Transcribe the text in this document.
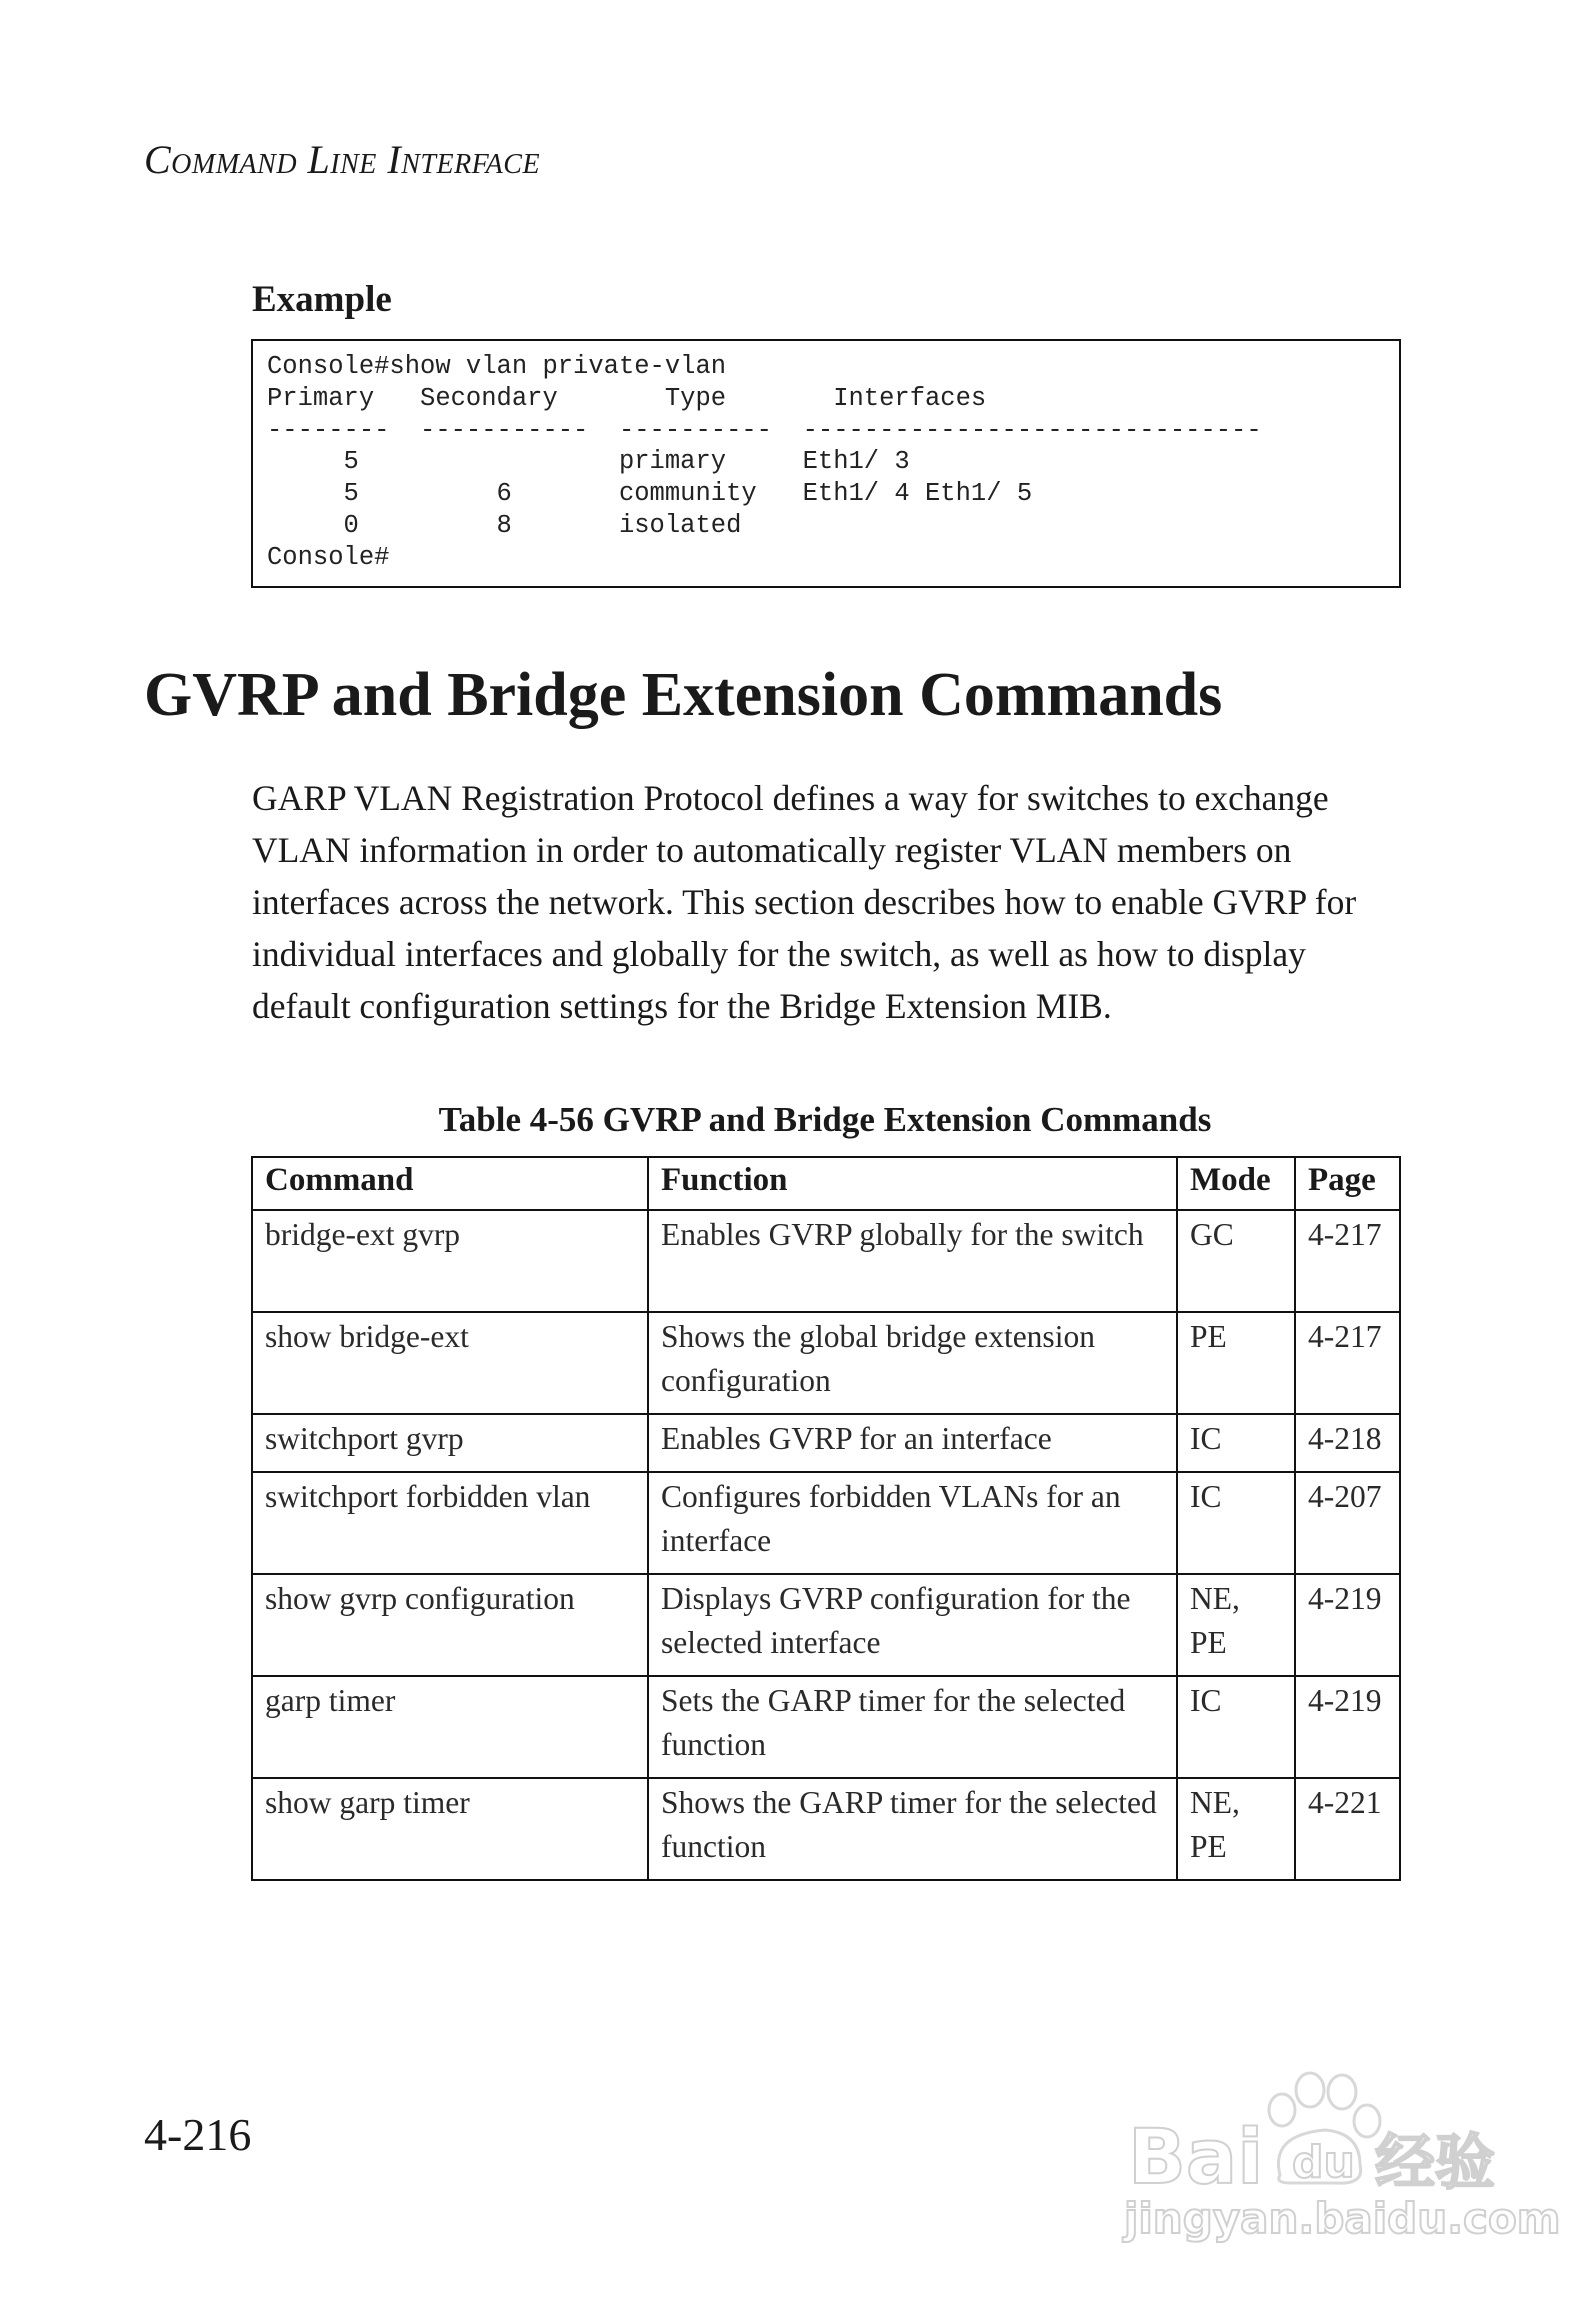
Command Line Interface
Example
Console#show vlan private-vlan
Primary   Secondary       Type       Interfaces
--------  -----------  ----------  ------------------------------
5                 primary     Eth1/ 3
5         6       community   Eth1/ 4 Eth1/ 5
0         8       isolated
Console#
GVRP and Bridge Extension Commands
GARP VLAN Registration Protocol defines a way for switches to exchange VLAN information in order to automatically register VLAN members on interfaces across the network. This section describes how to enable GVRP for individual interfaces and globally for the switch, as well as how to display default configuration settings for the Bridge Extension MIB.
Table 4-56 GVRP and Bridge Extension Commands
Command	Function	Mode	Page
bridge-ext gvrp	Enables GVRP globally for the switch	GC	4-217
show bridge-ext	Shows the global bridge extension configuration	PE	4-217
switchport gvrp	Enables GVRP for an interface	IC	4-218
switchport forbidden vlan	Configures forbidden VLANs for an interface	IC	4-207
show gvrp configuration	Displays GVRP configuration for the selected interface	NE, PE	4-219
garp timer	Sets the GARP timer for the selected function	IC	4-219
show garp timer	Shows the GARP timer for the selected function	NE, PE	4-221
4-216	Bai du 经验
jingyan.baidu.com
